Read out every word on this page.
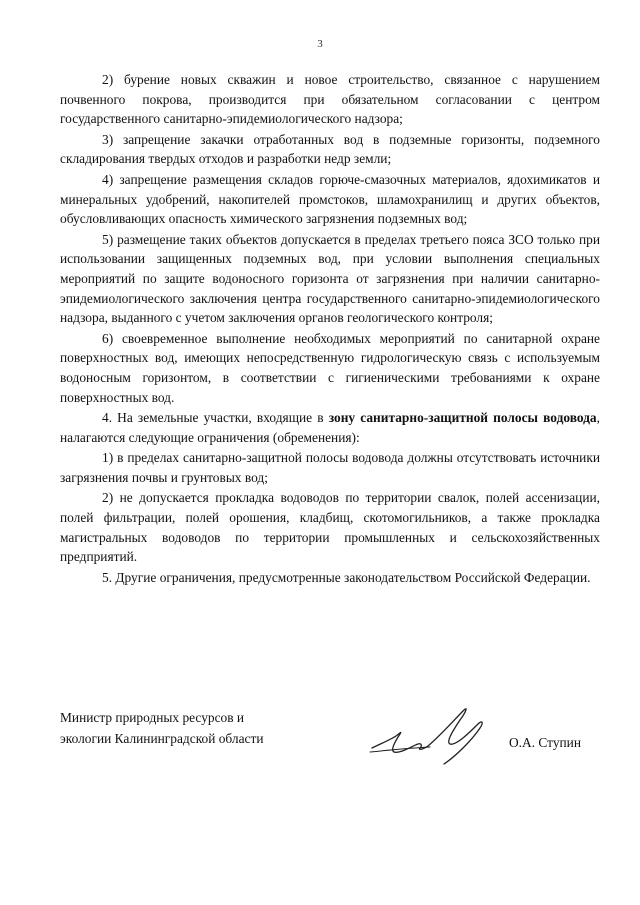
3

2) бурение новых скважин и новое строительство, связанное с нарушением почвенного покрова, производится при обязательном согласовании с центром государственного санитарно-эпидемиологического надзора;

3) запрещение закачки отработанных вод в подземные горизонты, подземного складирования твердых отходов и разработки недр земли;

4) запрещение размещения складов горюче-смазочных материалов, ядохимикатов и минеральных удобрений, накопителей промстоков, шламохранилищ и других объектов, обусловливающих опасность химического загрязнения подземных вод;

5) размещение таких объектов допускается в пределах третьего пояса ЗСО только при использовании защищенных подземных вод, при условии выполнения специальных мероприятий по защите водоносного горизонта от загрязнения при наличии санитарно-эпидемиологического заключения центра государственного санитарно-эпидемиологического надзора, выданного с учетом заключения органов геологического контроля;

6) своевременное выполнение необходимых мероприятий по санитарной охране поверхностных вод, имеющих непосредственную гидрологическую связь с используемым водоносным горизонтом, в соответствии с гигиеническими требованиями к охране поверхностных вод.

4. На земельные участки, входящие в зону санитарно-защитной полосы водовода, налагаются следующие ограничения (обременения):

1) в пределах санитарно-защитной полосы водовода должны отсутствовать источники загрязнения почвы и грунтовых вод;

2) не допускается прокладка водоводов по территории свалок, полей ассенизации, полей фильтрации, полей орошения, кладбищ, скотомогильников, а также прокладка магистральных водоводов по территории промышленных и сельскохозяйственных предприятий.

5. Другие ограничения, предусмотренные законодательством Российской Федерации.

Министр природных ресурсов и
экологии Калининградской области	О.А. Ступин
